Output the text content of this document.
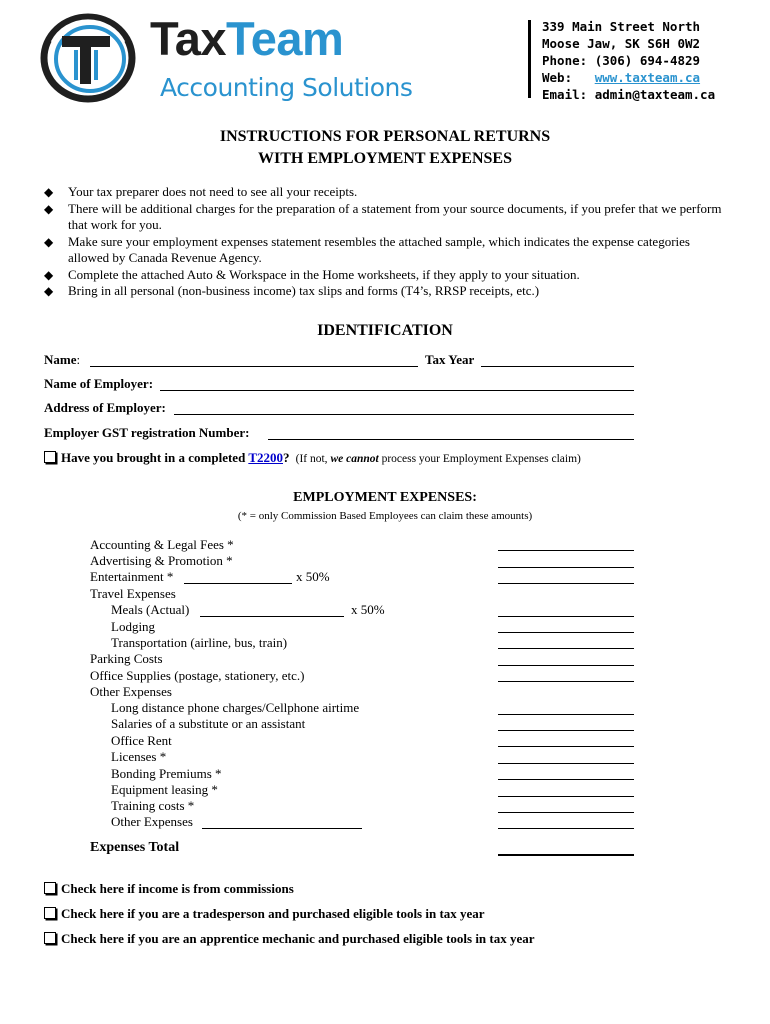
TaxTeam
Accounting Solutions
339 Main Street North
Moose Jaw, SK S6H 0W2
Phone: (306) 694-4829
Web: www.taxteam.ca
Email: admin@taxteam.ca
INSTRUCTIONS FOR PERSONAL RETURNS
WITH EMPLOYMENT EXPENSES
◆ Your tax preparer does not need to see all your receipts.
◆ There will be additional charges for the preparation of a statement from your source documents, if you prefer that we perform that work for you.
◆ Make sure your employment expenses statement resembles the attached sample, which indicates the expense categories allowed by Canada Revenue Agency.
◆ Complete the attached Auto & Workspace in the Home worksheets, if they apply to your situation.
◆ Bring in all personal (non-business income) tax slips and forms (T4’s, RRSP receipts, etc.)
IDENTIFICATION
Name:	Tax Year
Name of Employer:
Address of Employer:
Employer GST registration Number:
Have you brought in a completed T2200? (If not, we cannot process your Employment Expenses claim)
EMPLOYMENT EXPENSES:
(* = only Commission Based Employees can claim these amounts)
Accounting & Legal Fees *
Advertising & Promotion *
Entertainment *	x 50%
Travel Expenses
Meals (Actual)	x 50%
Lodging
Transportation (airline, bus, train)
Parking Costs
Office Supplies (postage, stationery, etc.)
Other Expenses
Long distance phone charges/Cellphone airtime
Salaries of a substitute or an assistant
Office Rent
Licenses *
Bonding Premiums *
Equipment leasing *
Training costs *
Other Expenses
Expenses Total
Check here if income is from commissions
Check here if you are a tradesperson and purchased eligible tools in tax year
Check here if you are an apprentice mechanic and purchased eligible tools in tax year
